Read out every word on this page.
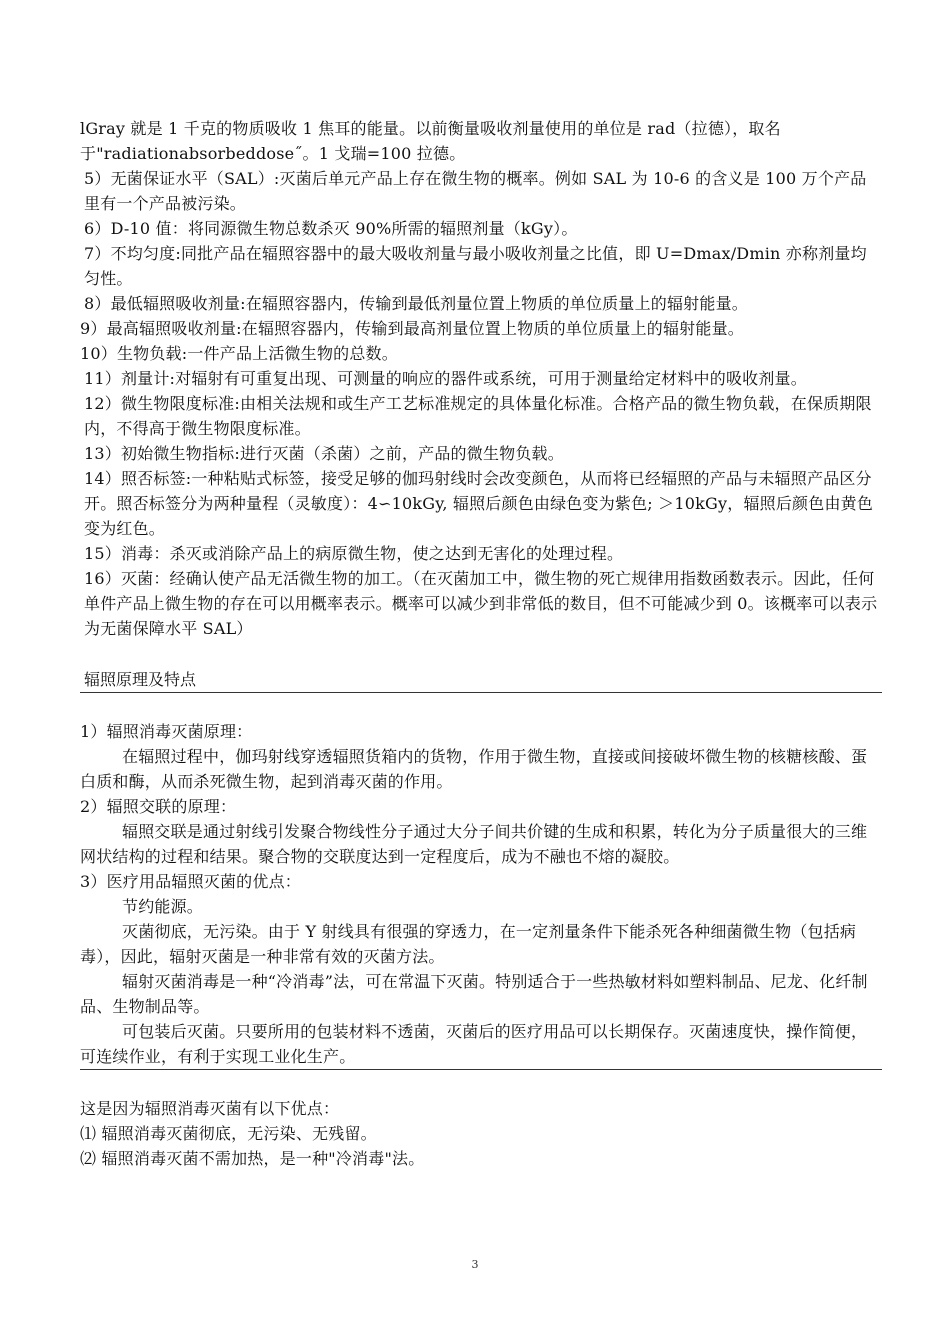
lGray 就是 1 千克的物质吸收 1 焦耳的能量。以前衡量吸收剂量使用的单位是 rad（拉德），取名于"radiationabsorbeddose˝。1 戈瑞=100 拉德。

5）无菌保证水平（SAL）:灭菌后单元产品上存在微生物的概率。例如 SAL 为 10-6 的含义是 100 万个产品里有一个产品被污染。

6）D-10 值：将同源微生物总数杀灭 90%所需的辐照剂量（kGy）。

7）不均匀度:同批产品在辐照容器中的最大吸收剂量与最小吸收剂量之比值，即 U=Dmax/Dmin 亦称剂量均匀性。

8）最低辐照吸收剂量:在辐照容器内，传输到最低剂量位置上物质的单位质量上的辐射能量。

9）最高辐照吸收剂量:在辐照容器内，传输到最高剂量位置上物质的单位质量上的辐射能量。

10）生物负载:一件产品上活微生物的总数。

11）剂量计:对辐射有可重复出现、可测量的响应的器件或系统，可用于测量给定材料中的吸收剂量。

12）微生物限度标准:由相关法规和或生产工艺标准规定的具体量化标准。合格产品的微生物负载，在保质期限内，不得高于微生物限度标准。

13）初始微生物指标:进行灭菌（杀菌）之前，产品的微生物负载。

14）照否标签:一种粘贴式标签，接受足够的伽玛射线时会改变颜色，从而将已经辐照的产品与未辐照产品区分开。照否标签分为两种量程（灵敏度）：4∽10kGy, 辐照后颜色由绿色变为紫色; ＞10kGy，辐照后颜色由黄色变为红色。

15）消毒：杀灭或消除产品上的病原微生物，使之达到无害化的处理过程。

16）灭菌：经确认使产品无活微生物的加工。（在灭菌加工中，微生物的死亡规律用指数函数表示。因此，任何单件产品上微生物的存在可以用概率表示。概率可以减少到非常低的数目，但不可能减少到 0。该概率可以表示为无菌保障水平 SAL）

辐照原理及特点

1）辐照消毒灭菌原理：

在辐照过程中，伽玛射线穿透辐照货箱内的货物，作用于微生物，直接或间接破坏微生物的核糖核酸、蛋白质和酶，从而杀死微生物，起到消毒灭菌的作用。

2）辐照交联的原理：

辐照交联是通过射线引发聚合物线性分子通过大分子间共价键的生成和积累，转化为分子质量很大的三维网状结构的过程和结果。聚合物的交联度达到一定程度后，成为不融也不熔的凝胶。

3）医疗用品辐照灭菌的优点：

节约能源。

灭菌彻底，无污染。由于 Y 射线具有很强的穿透力，在一定剂量条件下能杀死各种细菌微生物（包括病毒），因此，辐射灭菌是一种非常有效的灭菌方法。

辐射灭菌消毒是一种“冷消毒”法，可在常温下灭菌。特别适合于一些热敏材料如塑料制品、尼龙、化纤制品、生物制品等。

可包装后灭菌。只要所用的包装材料不透菌，灭菌后的医疗用品可以长期保存。灭菌速度快，操作简便，可连续作业，有利于实现工业化生产。

这是因为辐照消毒灭菌有以下优点：

⑴ 辐照消毒灭菌彻底，无污染、无残留。

⑵ 辐照消毒灭菌不需加热，是一种"冷消毒"法。

3
